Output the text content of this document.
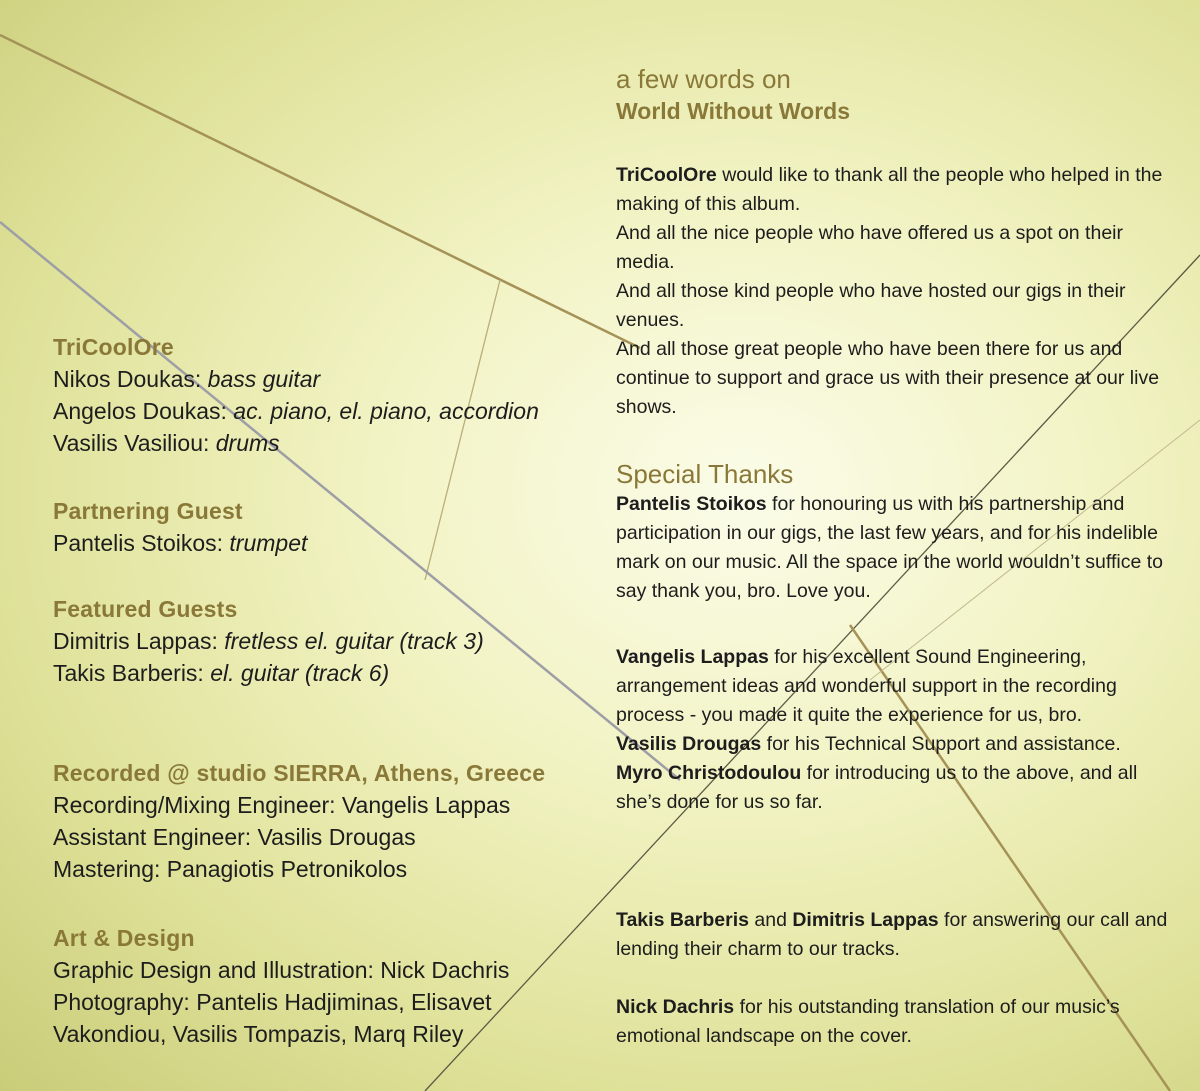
TriCoolOre
Nikos Doukas: bass guitar
Angelos Doukas: ac. piano, el. piano, accordion
Vasilis Vasiliou: drums
Partnering Guest
Pantelis Stoikos: trumpet
Featured Guests
Dimitris Lappas: fretless el. guitar (track 3)
Takis Barberis: el. guitar (track 6)
Recorded @ studio SIERRA, Athens, Greece
Recording/Mixing Engineer: Vangelis Lappas
Assistant Engineer: Vasilis Drougas
Mastering: Panagiotis Petronikolos
Art & Design
Graphic Design and Illustration: Nick Dachris
Photography: Pantelis Hadjiminas, Elisavet
Vakondiou, Vasilis Tompazis, Marq Riley
a few words on
World Without Words

TriCoolOre would like to thank all the people who helped in the making of this album.

And all the nice people who have offered us a spot on their media.

And all those kind people who have hosted our gigs in their venues.

And all those great people who have been there for us and continue to support and grace us with their presence at our live shows.

Special Thanks

Pantelis Stoikos for honouring us with his partnership and participation in our gigs, the last few years, and for his indelible mark on our music. All the space in the world wouldn’t suffice to say thank you, bro. Love you.

Vangelis Lappas for his excellent Sound Engineering, arrangement ideas and wonderful support in the recording process - you made it quite the experience for us, bro.

Vasilis Drougas for his Technical Support and assistance.

Myro Christodoulou for introducing us to the above, and all she’s done for us so far.

Takis Barberis and Dimitris Lappas for answering our call and lending their charm to our tracks.

Nick Dachris for his outstanding translation of our music’s emotional landscape on the cover.
